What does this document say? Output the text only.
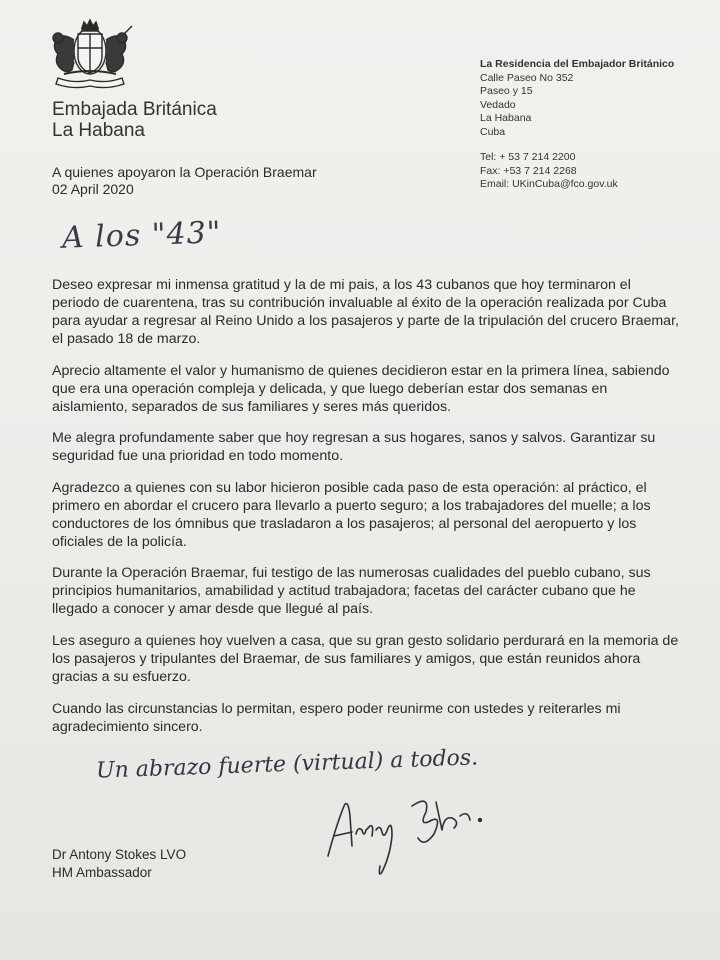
Embajada Británica
La Habana
La Residencia del Embajador Británico
Calle Paseo No 352
Paseo y 15
Vedado
La Habana
Cuba
Tel: + 53 7 214 2200
Fax: +53 7 214 2268
Email: UKinCuba@fco.gov.uk
A quienes apoyaron la Operación Braemar
02 April 2020
A los "43"

Deseo expresar mi inmensa gratitud y la de mi pais, a los 43 cubanos que hoy terminaron el periodo de cuarentena, tras su contribución invaluable al éxito de la operación realizada por Cuba para ayudar a regresar al Reino Unido a los pasajeros y parte de la tripulación del crucero Braemar, el pasado 18 de marzo.

Aprecio altamente el valor y humanismo de quienes decidieron estar en la primera línea, sabiendo que era una operación compleja y delicada, y que luego deberían estar dos semanas en aislamiento, separados de sus familiares y seres más queridos.

Me alegra profundamente saber que hoy regresan a sus hogares, sanos y salvos. Garantizar su seguridad fue una prioridad en todo momento.

Agradezco a quienes con su labor hicieron posible cada paso de esta operación: al práctico, el primero en abordar el crucero para llevarlo a puerto seguro; a los trabajadores del muelle; a los conductores de los ómnibus que trasladaron a los pasajeros; al personal del aeropuerto y los oficiales de la policía.

Durante la Operación Braemar, fui testigo de las numerosas cualidades del pueblo cubano, sus principios humanitarios, amabilidad y actitud trabajadora; facetas del carácter cubano que he llegado a conocer y amar desde que llegué al país.

Les aseguro a quienes hoy vuelven a casa, que su gran gesto solidario perdurará en la memoria de los pasajeros y tripulantes del Braemar, de sus familiares y amigos, que están reunidos ahora gracias a su esfuerzo.

Cuando las circunstancias lo permitan, espero poder reunirme con ustedes y reiterarles mi agradecimiento sincero.

Un abrazo fuerte (virtual) a todos.
Dr Antony Stokes LVO
HM Ambassador
